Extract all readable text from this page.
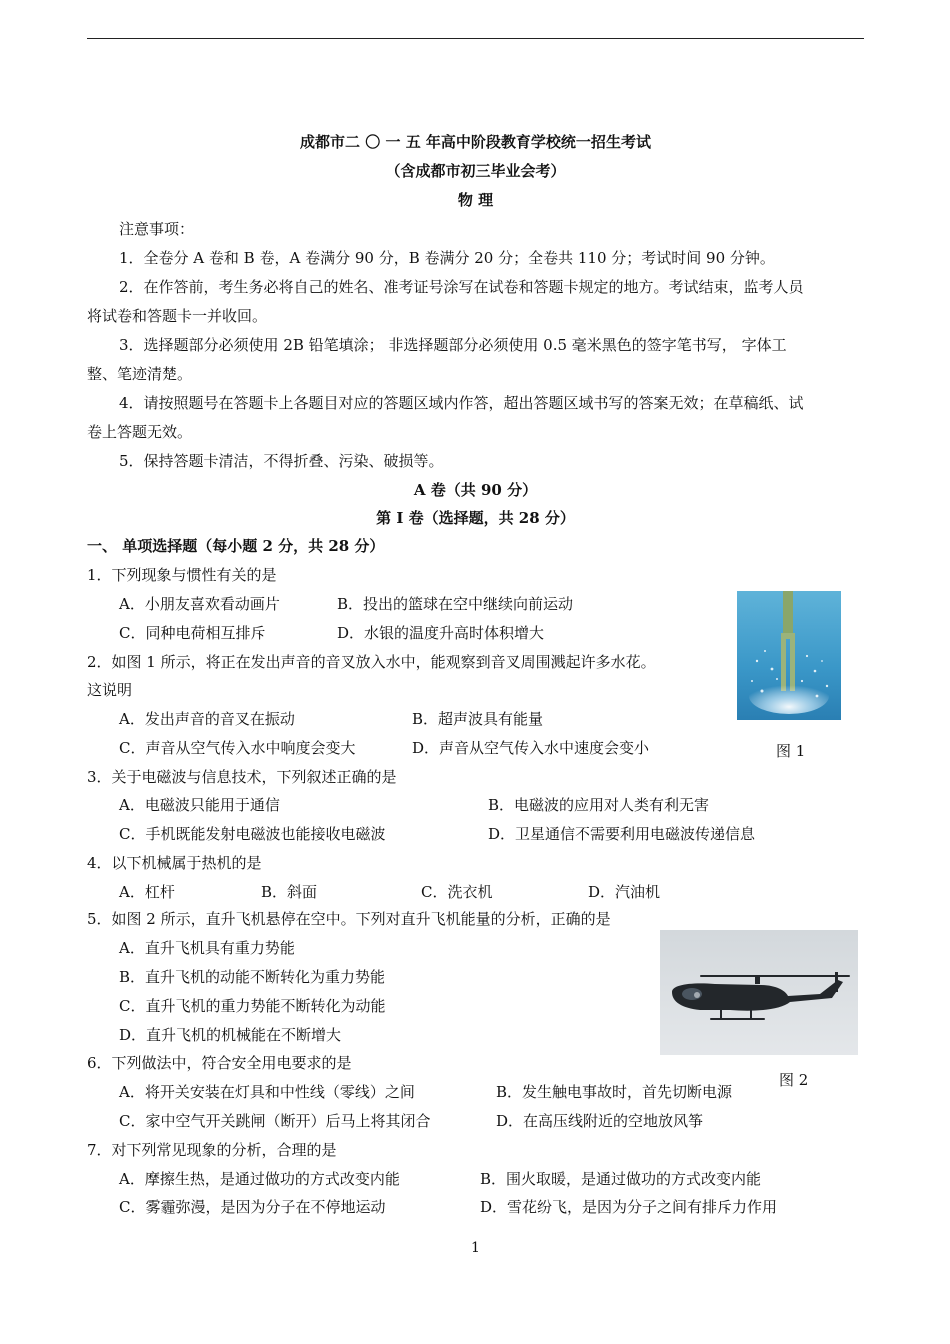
成都市二 〇 一 五 年高中阶段教育学校统一招生考试
（含成都市初三毕业会考）
物 理
注意事项：
1．全卷分 A 卷和 B 卷，A 卷满分 90 分，B 卷满分 20 分；全卷共 110 分；考试时间 90 分钟。
2．在作答前，考生务必将自己的姓名、准考证号涂写在试卷和答题卡规定的地方。考试结束，监考人员
将试卷和答题卡一并收回。
3．选择题部分必须使用 2B 铅笔填涂； 非选择题部分必须使用 0.5 毫米黑色的签字笔书写， 字体工
整、笔迹清楚。
4．请按照题号在答题卡上各题目对应的答题区域内作答，超出答题区域书写的答案无效；在草稿纸、试
卷上答题无效。
5．保持答题卡清洁，不得折叠、污染、破损等。
A 卷（共 90 分）
第 I 卷（选择题，共 28 分）
一、 单项选择题（每小题 2 分，共 28 分）
1．下列现象与惯性有关的是
A．小朋友喜欢看动画片	B．投出的篮球在空中继续向前运动
C．同种电荷相互排斥	D．水银的温度升高时体积增大
2．如图 1 所示，将正在发出声音的音叉放入水中，能观察到音叉周围溅起许多水花。
这说明
A．发出声音的音叉在振动	B．超声波具有能量
C．声音从空气传入水中响度会变大	D．声音从空气传入水中速度会变小	图 1
3．关于电磁波与信息技术，下列叙述正确的是
A．电磁波只能用于通信	B．电磁波的应用对人类有利无害
C．手机既能发射电磁波也能接收电磁波	D．卫星通信不需要利用电磁波传递信息
4．以下机械属于热机的是
A．杠杆	B．斜面	C．洗衣机	D．汽油机
5．如图 2 所示，直升飞机悬停在空中。下列对直升飞机能量的分析，正确的是
A．直升飞机具有重力势能
B．直升飞机的动能不断转化为重力势能
C．直升飞机的重力势能不断转化为动能
D．直升飞机的机械能在不断增大
图 2
6．下列做法中，符合安全用电要求的是
A．将开关安装在灯具和中性线（零线）之间	B．发生触电事故时，首先切断电源
C．家中空气开关跳闸（断开）后马上将其闭合	D．在高压线附近的空地放风筝
7．对下列常见现象的分析，合理的是
A．摩擦生热，是通过做功的方式改变内能	B．围火取暖，是通过做功的方式改变内能
C．雾霾弥漫，是因为分子在不停地运动	D．雪花纷飞，是因为分子之间有排斥力作用
1
